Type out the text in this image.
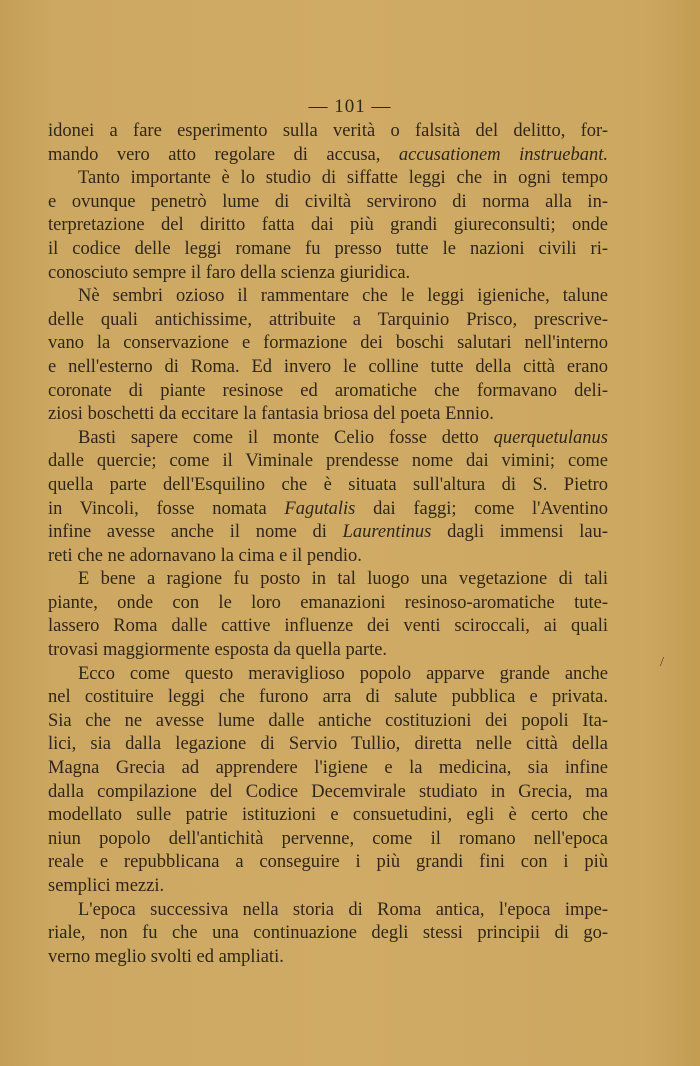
— 101 —
idonei a fare esperimento sulla verità o falsità del delitto, for-
mando vero atto regolare di accusa, accusationem instruebant.
Tanto importante è lo studio di siffatte leggi che in ogni tempo
e ovunque penetrò lume di civiltà servirono di norma alla in-
terpretazione del diritto fatta dai più grandi giureconsulti; onde
il codice delle leggi romane fu presso tutte le nazioni civili ri-
conosciuto sempre il faro della scienza giuridica.
Nè sembri ozioso il rammentare che le leggi igieniche, talune
delle quali antichissime, attribuite a Tarquinio Prisco, prescrive-
vano la conservazione e formazione dei boschi salutari nell'interno
e nell'esterno di Roma. Ed invero le colline tutte della città erano
coronate di piante resinose ed aromatiche che formavano deli-
ziosi boschetti da eccitare la fantasia briosa del poeta Ennio.
Basti sapere come il monte Celio fosse detto querquetulanus
dalle quercie; come il Viminale prendesse nome dai vimini; come
quella parte dell'Esquilino che è situata sull'altura di S. Pietro
in Vincoli, fosse nomata Fagutalis dai faggi; come l'Aventino
infine avesse anche il nome di Laurentinus dagli immensi lau-
reti che ne adornavano la cima e il pendio.
E bene a ragione fu posto in tal luogo una vegetazione di tali
piante, onde con le loro emanazioni resinoso-aromatiche tute-
lassero Roma dalle cattive influenze dei venti sciroccali, ai quali
trovasi maggiormente esposta da quella parte.
Ecco come questo meraviglioso popolo apparve grande anche
nel costituire leggi che furono arra di salute pubblica e privata.
Sia che ne avesse lume dalle antiche costituzioni dei popoli Ita-
lici, sia dalla legazione di Servio Tullio, diretta nelle città della
Magna Grecia ad apprendere l'igiene e la medicina, sia infine
dalla compilazione del Codice Decemvirale studiato in Grecia, ma
modellato sulle patrie istituzioni e consuetudini, egli è certo che
niun popolo dell'antichità pervenne, come il romano nell'epoca
reale e repubblicana a conseguire i più grandi fini con i più
semplici mezzi.
L'epoca successiva nella storia di Roma antica, l'epoca impe-
riale, non fu che una continuazione degli stessi principii di go-
verno meglio svolti ed ampliati.
/
